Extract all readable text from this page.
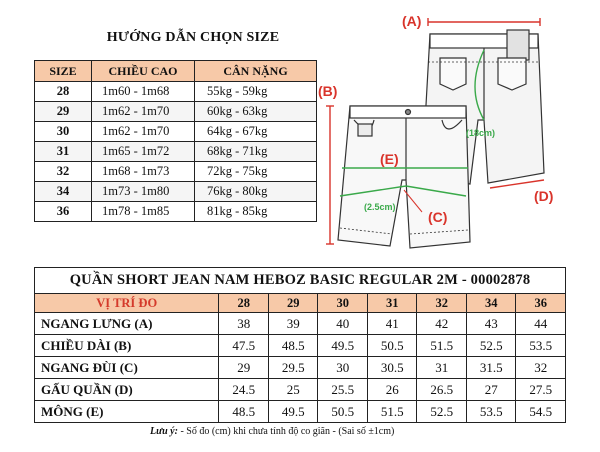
HƯỚNG DẪN CHỌN SIZE
SIZE	CHIỀU CAO	CÂN NẶNG
28	1m60 - 1m68	55kg - 59kg
29	1m62 - 1m70	60kg - 63kg
30	1m62 - 1m70	64kg - 67kg
31	1m65 - 1m72	68kg - 71kg
32	1m68 - 1m73	72kg - 75kg
34	1m73 - 1m80	76kg - 80kg
36	1m78 - 1m85	81kg - 85kg
(A)
(B)
(C)
(D)
(E)
(18cm)
(2.5cm)
QUẦN SHORT JEAN NAM HEBOZ BASIC REGULAR 2M - 00002878							
VỊ TRÍ ĐO	28	29	30	31	32	34	36
NGANG LƯNG (A)	38	39	40	41	42	43	44
CHIỀU DÀI (B)	47.5	48.5	49.5	50.5	51.5	52.5	53.5
NGANG ĐÙI (C)	29	29.5	30	30.5	31	31.5	32
GẤU QUẦN (D)	24.5	25	25.5	26	26.5	27	27.5
MÔNG (E)	48.5	49.5	50.5	51.5	52.5	53.5	54.5
Lưu ý: - Số đo (cm) khi chưa tính độ co giãn - (Sai số ±1cm)
